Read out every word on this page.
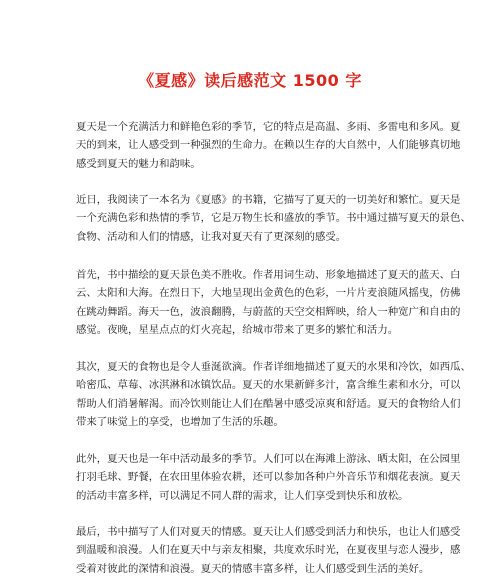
《夏感》读后感范文 1500 字

夏天是一个充满活力和鲜艳色彩的季节，它的特点是高温、多雨、多雷电和多风。夏
天的到来，让人感受到一种强烈的生命力。在赖以生存的大自然中，人们能够真切地
感受到夏天的魅力和韵味。

近日，我阅读了一本名为《夏感》的书籍，它描写了夏天的一切美好和繁忙。夏天是
一个充满色彩和热情的季节，它是万物生长和盛放的季节。书中通过描写夏天的景色、
食物、活动和人们的情感，让我对夏天有了更深刻的感受。

首先，书中描绘的夏天景色美不胜收。作者用词生动、形象地描述了夏天的蓝天、白
云、太阳和大海。在烈日下，大地呈现出金黄色的色彩，一片片麦浪随风摇曳，仿佛
在跳动舞蹈。海天一色，波浪翻腾，与蔚蓝的天空交相辉映，给人一种宽广和自由的
感觉。夜晚，星星点点的灯火亮起，给城市带来了更多的繁忙和活力。

其次，夏天的食物也是令人垂涎欲滴。作者详细地描述了夏天的水果和冷饮，如西瓜、
哈密瓜、草莓、冰淇淋和冰镇饮品。夏天的水果新鲜多汁，富含维生素和水分，可以
帮助人们消暑解渴。而冷饮则能让人们在酷暑中感受凉爽和舒适。夏天的食物给人们
带来了味觉上的享受，也增加了生活的乐趣。

此外，夏天也是一年中活动最多的季节。人们可以在海滩上游泳、晒太阳，在公园里
打羽毛球、野餐，在农田里体验农耕，还可以参加各种户外音乐节和烟花表演。夏天
的活动丰富多样，可以满足不同人群的需求，让人们享受到快乐和放松。

最后，书中描写了人们对夏天的情感。夏天让人们感受到活力和快乐，也让人们感受
到温暖和浪漫。人们在夏天中与亲友相聚，共度欢乐时光，在夏夜里与恋人漫步，感
受着对彼此的深情和浪漫。夏天的情感丰富多样，让人们感受到生活的美好。
